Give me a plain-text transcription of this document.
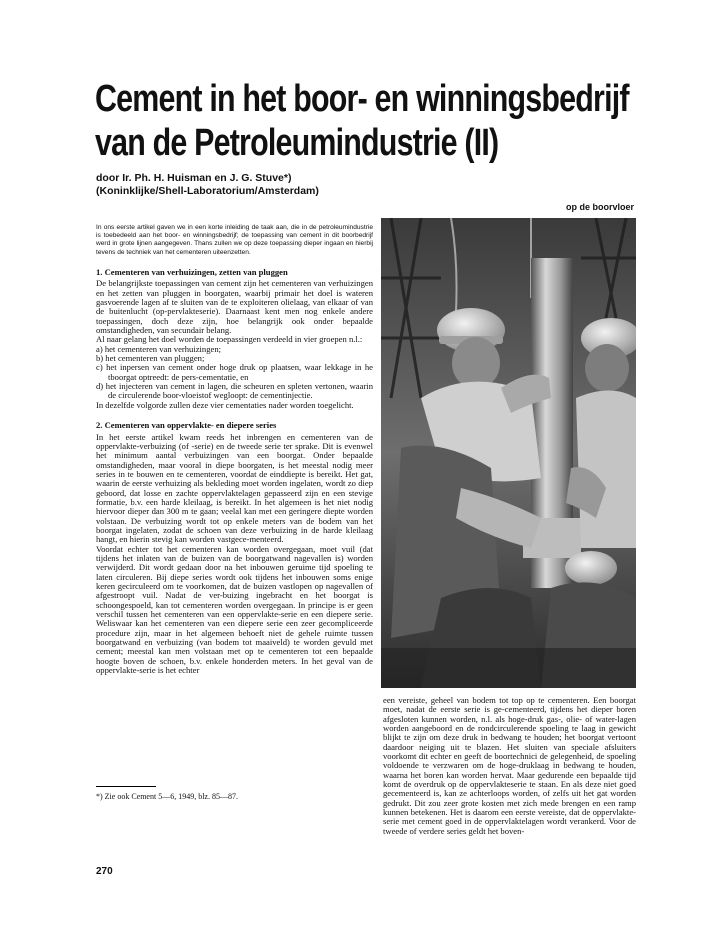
Cement in het boor- en winningsbedrijf
van de Petroleumindustrie (II)
door Ir. Ph. H. Huisman en J. G. Stuve*)
(Koninklijke/Shell-Laboratorium/Amsterdam)
op de boorvloer
In ons eerste artikel gaven we in een korte inleiding de taak aan, die in de petroleumindustrie is toebedeeld aan het boor- en winningsbedrijf; de toepassing van cement in dit boorbedrijf werd in grote lijnen aangegeven. Thans zullen we op deze toepassing dieper ingaan en hierbij tevens de techniek van het cementeren uiteenzetten.

1. Cementeren van verhuizingen, zetten van pluggen

De belangrijkste toepassingen van cement zijn het cementeren van verhuizingen en het zetten van pluggen in boorgaten, waarbij primair het doel is wateren gasvoerende lagen af te sluiten van de te exploiteren olielaag, van elkaar of van de buitenlucht (op-pervlakteserie). Daarnaast kent men nog enkele andere toepassingen, doch deze zijn, hoe belangrijk ook onder bepaalde omstandigheden, van secundair belang.

Al naar gelang het doel worden de toepassingen verdeeld in vier groepen n.l.:

a) het cementeren van verhuizingen;

b) het cementeren van pluggen;

c) het inpersen van cement onder hoge druk op plaatsen, waar lekkage in he tboorgat optreedt: de pers-cementatie, en

d) het injecteren van cement in lagen, die scheuren en spleten vertonen, waarin de circulerende boor-vloeistof wegloopt: de cementinjectie.

In dezelfde volgorde zullen deze vier cementaties nader worden toegelicht.

2. Cementeren van oppervlakte- en diepere series

In het eerste artikel kwam reeds het inbrengen en cementeren van de oppervlakte-verbuizing (of -serie) en de tweede serie ter sprake. Dit is evenwel het minimum aantal verbuizingen van een boorgat. Onder bepaalde omstandigheden, maar vooral in diepe boorgaten, is het meestal nodig meer series in te bouwen en te cementeren, voordat de einddiepte is bereikt. Het gat, waarin de eerste verhuizing als bekleding moet worden ingelaten, wordt zo diep geboord, dat losse en zachte oppervlaktelagen gepasseerd zijn en een stevige formatie, b.v. een harde kleilaag, is bereikt. In het algemeen is het niet nodig hiervoor dieper dan 300 m te gaan; veelal kan met een geringere diepte worden volstaan. De verbuizing wordt tot op enkele meters van de bodem van het boorgat ingelaten, zodat de schoen van deze verbuizing in de harde kleilaag hangt, en hierin stevig kan worden vastgece-menteerd.

Voordat echter tot het cementeren kan worden overgegaan, moet vuil (dat tijdens het inlaten van de buizen van de boorgatwand nagevallen is) worden verwijderd. Dit wordt gedaan door na het inbouwen geruime tijd spoeling te laten circuleren. Bij diepe series wordt ook tijdens het inbouwen soms enige keren gecirculeerd om te voorkomen, dat de buizen vastlopen op nagevallen of afgestroopt vuil. Nadat de ver-buizing ingebracht en het boorgat is schoongespoeld, kan tot cementeren worden overgegaan. In principe is er geen verschil tussen het cementeren van een oppervlakte-serie en een diepere serie. Weliswaar kan het cementeren van een diepere serie een zeer gecompliceerde procedure zijn, maar in het algemeen behoeft niet de gehele ruimte tussen boorgatwand en verbuizing (van bodem tot maaiveld) te worden gevuld met cement; meestal kan men volstaan met op te cementeren tot een bepaalde hoogte boven de schoen, b.v. enkele honderden meters. In het geval van de oppervlakte-serie is het echter

een vereiste, geheel van bodem tot top op te cementeren. Een boorgat moet, nadat de eerste serie is ge-cementeerd, tijdens het dieper boren afgesloten kunnen worden, n.l. als hoge-druk gas-, olie- of water-lagen worden aangeboord en de rondcirculerende spoeling te laag in gewicht blijkt te zijn om deze druk in bedwang te houden; het boorgat vertoont daardoor neiging uit te blazen. Het sluiten van speciale afsluiters voorkomt dit echter en geeft de boortechnici de gelegenheid, de spoeling voldoende te verzwaren om de hoge-druklaag in bedwang te houden, waarna het boren kan worden hervat. Maar gedurende een bepaalde tijd komt de overdruk op de oppervlakteserie te staan. En als deze niet goed gecementeerd is, kan ze achterloops worden, of zelfs uit het gat worden gedrukt. Dit zou zeer grote kosten met zich mede brengen en een ramp kunnen betekenen. Het is daarom een eerste vereiste, dat de oppervlakte-serie met cement goed in de oppervlaktelagen wordt verankerd. Voor de tweede of verdere series geldt het boven-

*) Zie ook Cement 5—6, 1949, blz. 85—87.
270
